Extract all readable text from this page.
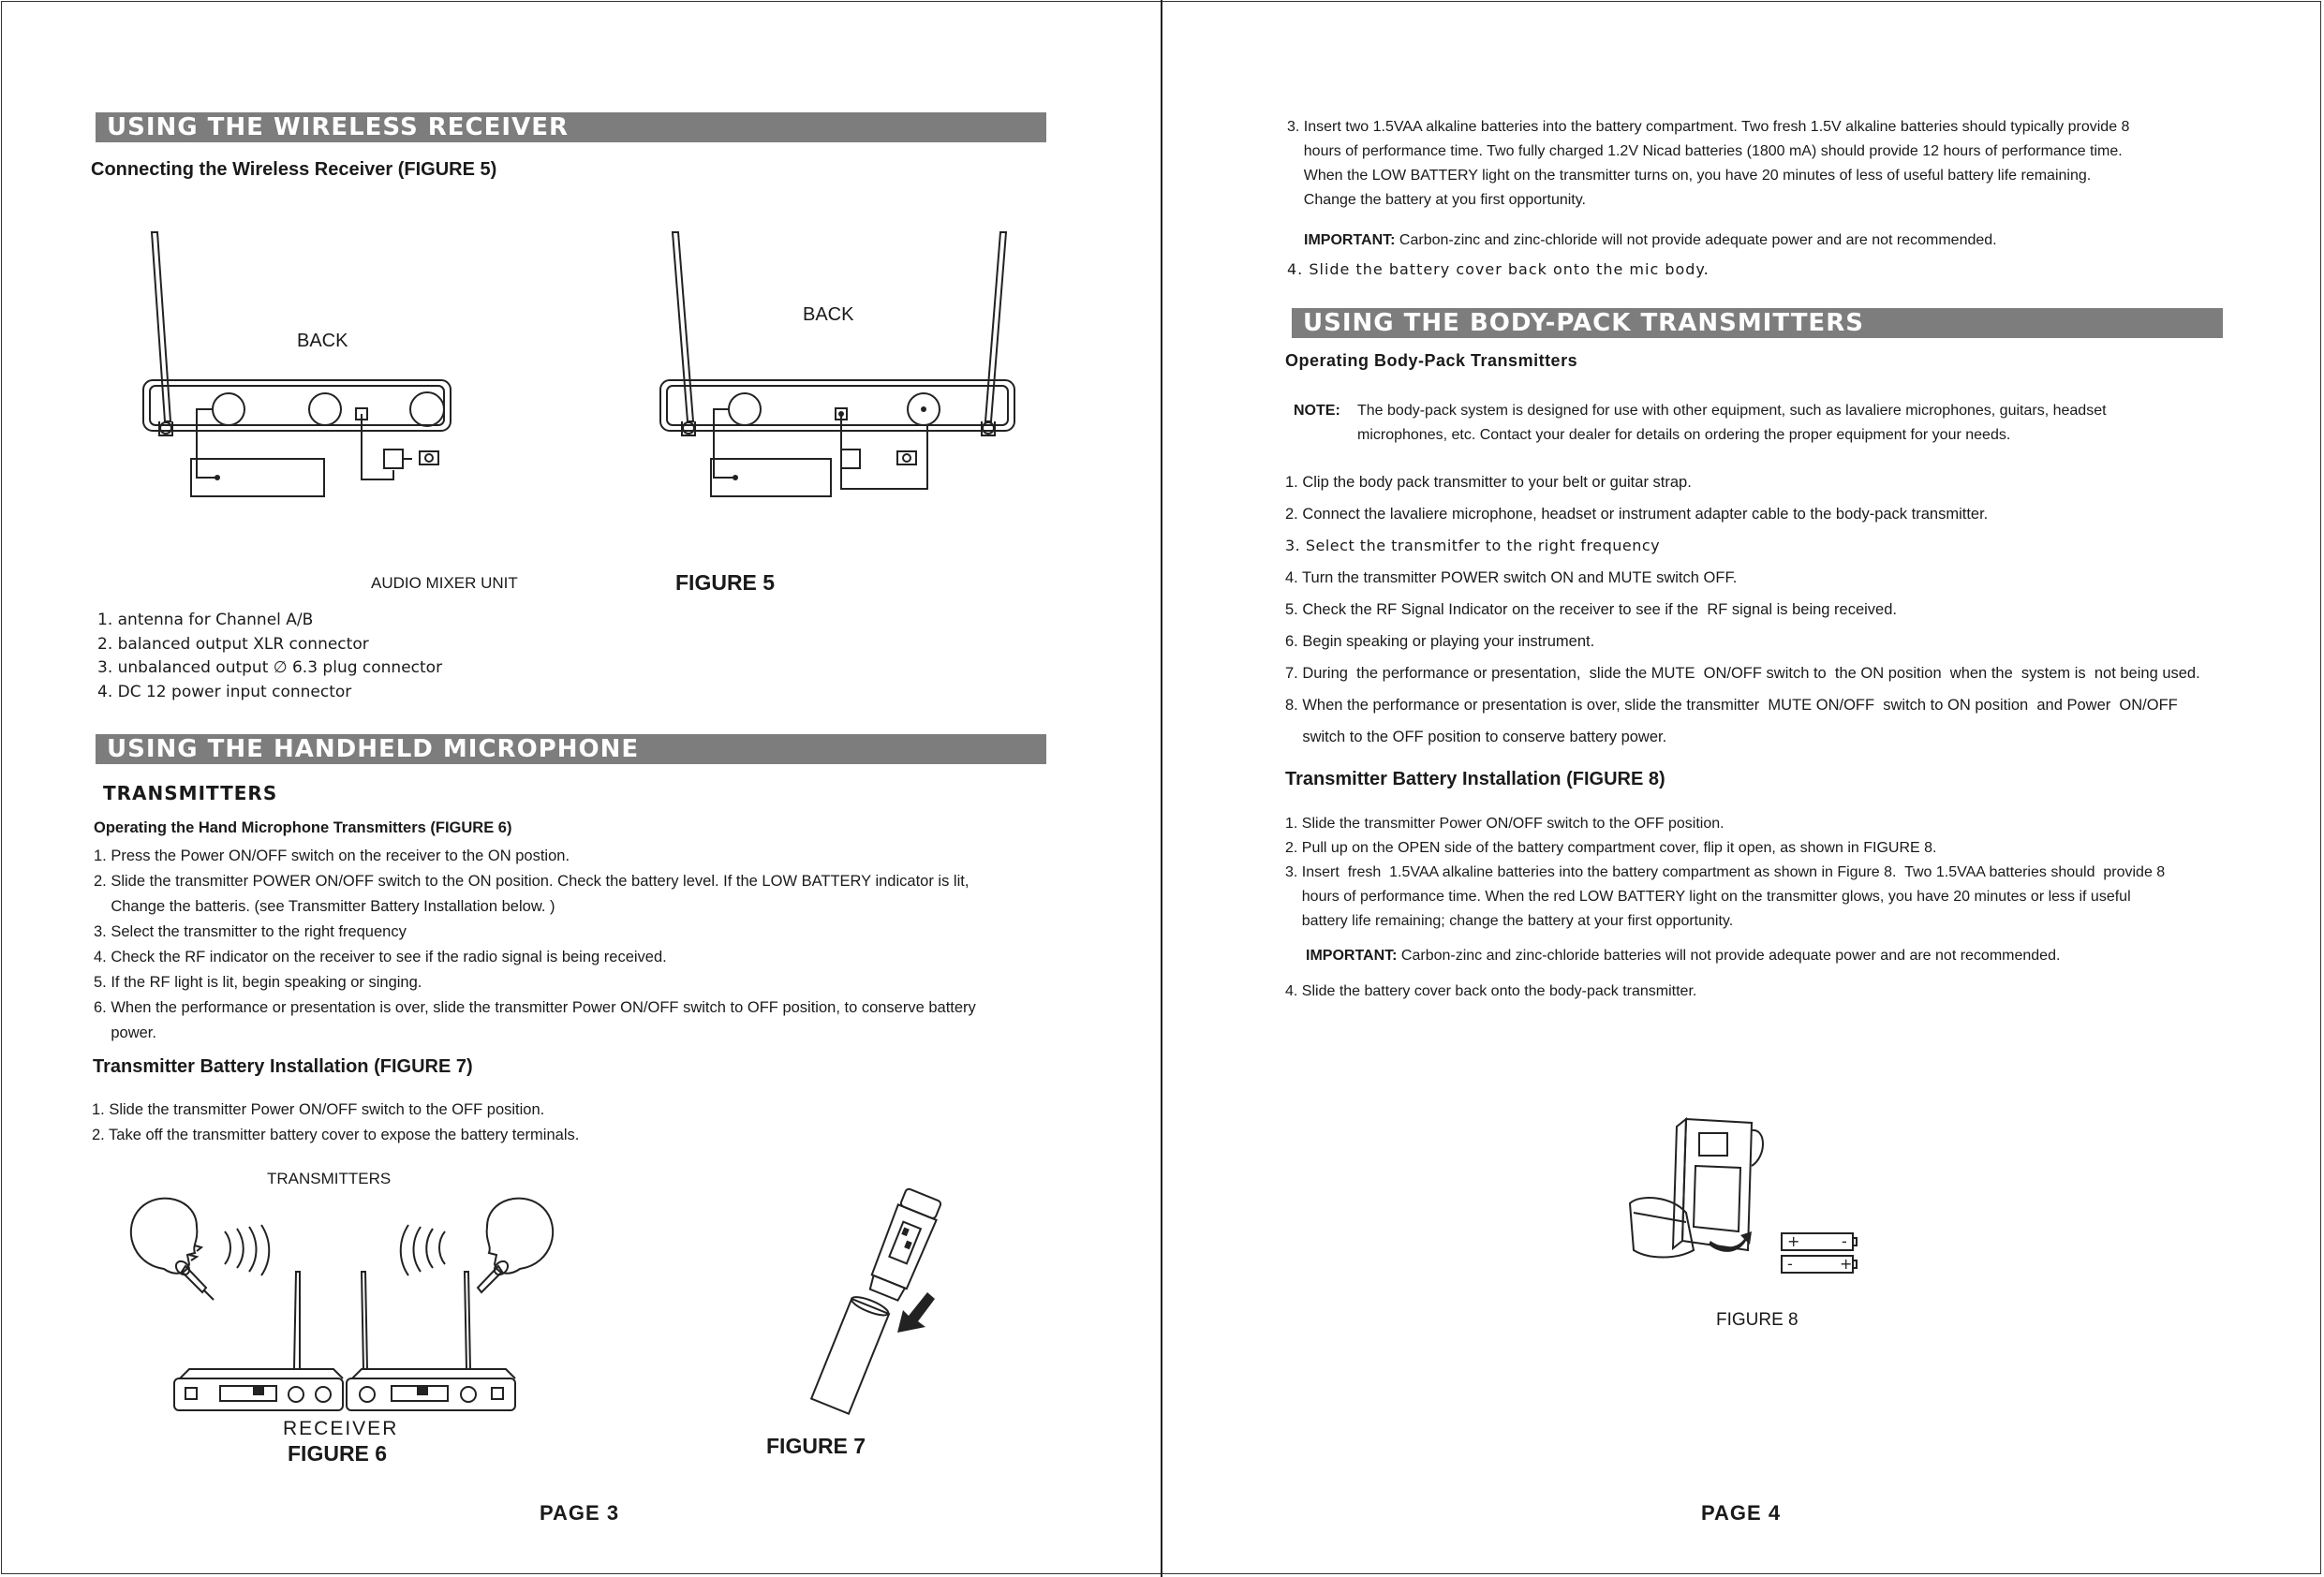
USING THE WIRELESS RECEIVER
Connecting the Wireless Receiver (FIGURE 5)
BACK
BACK
AUDIO MIXER UNIT	FIGURE 5
1. antenna for Channel A/B
2. balanced output XLR connector
3. unbalanced output ∅ 6.3 plug connector
4. DC 12 power input connector
USING THE HANDHELD MICROPHONE
TRANSMITTERS
Operating the Hand Microphone Transmitters (FIGURE 6)
1. Press the Power ON/OFF switch on the receiver to the ON postion.
2. Slide the transmitter POWER ON/OFF switch to the ON position. Check the battery level. If the LOW BATTERY indicator is lit,
Change the batteris. (see Transmitter Battery Installation below. )
3. Select the transmitter to the right frequency
4. Check the RF indicator on the receiver to see if the radio signal is being received.
5. If the RF light is lit, begin speaking or singing.
6. When the performance or presentation is over, slide the transmitter Power ON/OFF switch to OFF position, to conserve battery
power.
Transmitter Battery Installation (FIGURE 7)
1. Slide the transmitter Power ON/OFF switch to the OFF position.
2. Take off the transmitter battery cover to expose the battery terminals.
TRANSMITTERS
RECEIVER
FIGURE 6	FIGURE 7
PAGE 3
3. Insert two 1.5VAA alkaline batteries into the battery compartment. Two fresh 1.5V alkaline batteries should typically provide 8
hours of performance time. Two fully charged 1.2V Nicad batteries (1800 mA) should provide 12 hours of performance time.
When the LOW BATTERY light on the transmitter turns on, you have 20 minutes of less of useful battery life remaining.
Change the battery at you first opportunity.
IMPORTANT: Carbon-zinc and zinc-chloride will not provide adequate power and are not recommended.
4. Slide the battery cover back onto the mic body.
USING THE BODY-PACK TRANSMITTERS
Operating Body-Pack Transmitters
NOTE: The body-pack system is designed for use with other equipment, such as lavaliere microphones, guitars, headset
microphones, etc. Contact your dealer for details on ordering the proper equipment for your needs.
1. Clip the body pack transmitter to your belt or guitar strap.
2. Connect the lavaliere microphone, headset or instrument adapter cable to the body-pack transmitter.
3. Select the transmitfer to the right frequency
4. Turn the transmitter POWER switch ON and MUTE switch OFF.
5. Check the RF Signal Indicator on the receiver to see if the  RF signal is being received.
6. Begin speaking or playing your instrument.
7. During  the performance or presentation,  slide the MUTE  ON/OFF switch to  the ON position  when the  system is  not being used.
8. When the performance or presentation is over, slide the transmitter  MUTE ON/OFF  switch to ON position  and Power  ON/OFF
switch to the OFF position to conserve battery power.
Transmitter Battery Installation (FIGURE 8)
1. Slide the transmitter Power ON/OFF switch to the OFF position.
2. Pull up on the OPEN side of the battery compartment cover, flip it open, as shown in FIGURE 8.
3. Insert  fresh  1.5VAA alkaline batteries into the battery compartment as shown in Figure 8.  Two 1.5VAA batteries should  provide 8
hours of performance time. When the red LOW BATTERY light on the transmitter glows, you have 20 minutes or less if useful
battery life remaining; change the battery at your first opportunity.
IMPORTANT: Carbon-zinc and zinc-chloride batteries will not provide adequate power and are not recommended.
4. Slide the battery cover back onto the body-pack transmitter.
+	-
-	+
FIGURE 8
PAGE 4
